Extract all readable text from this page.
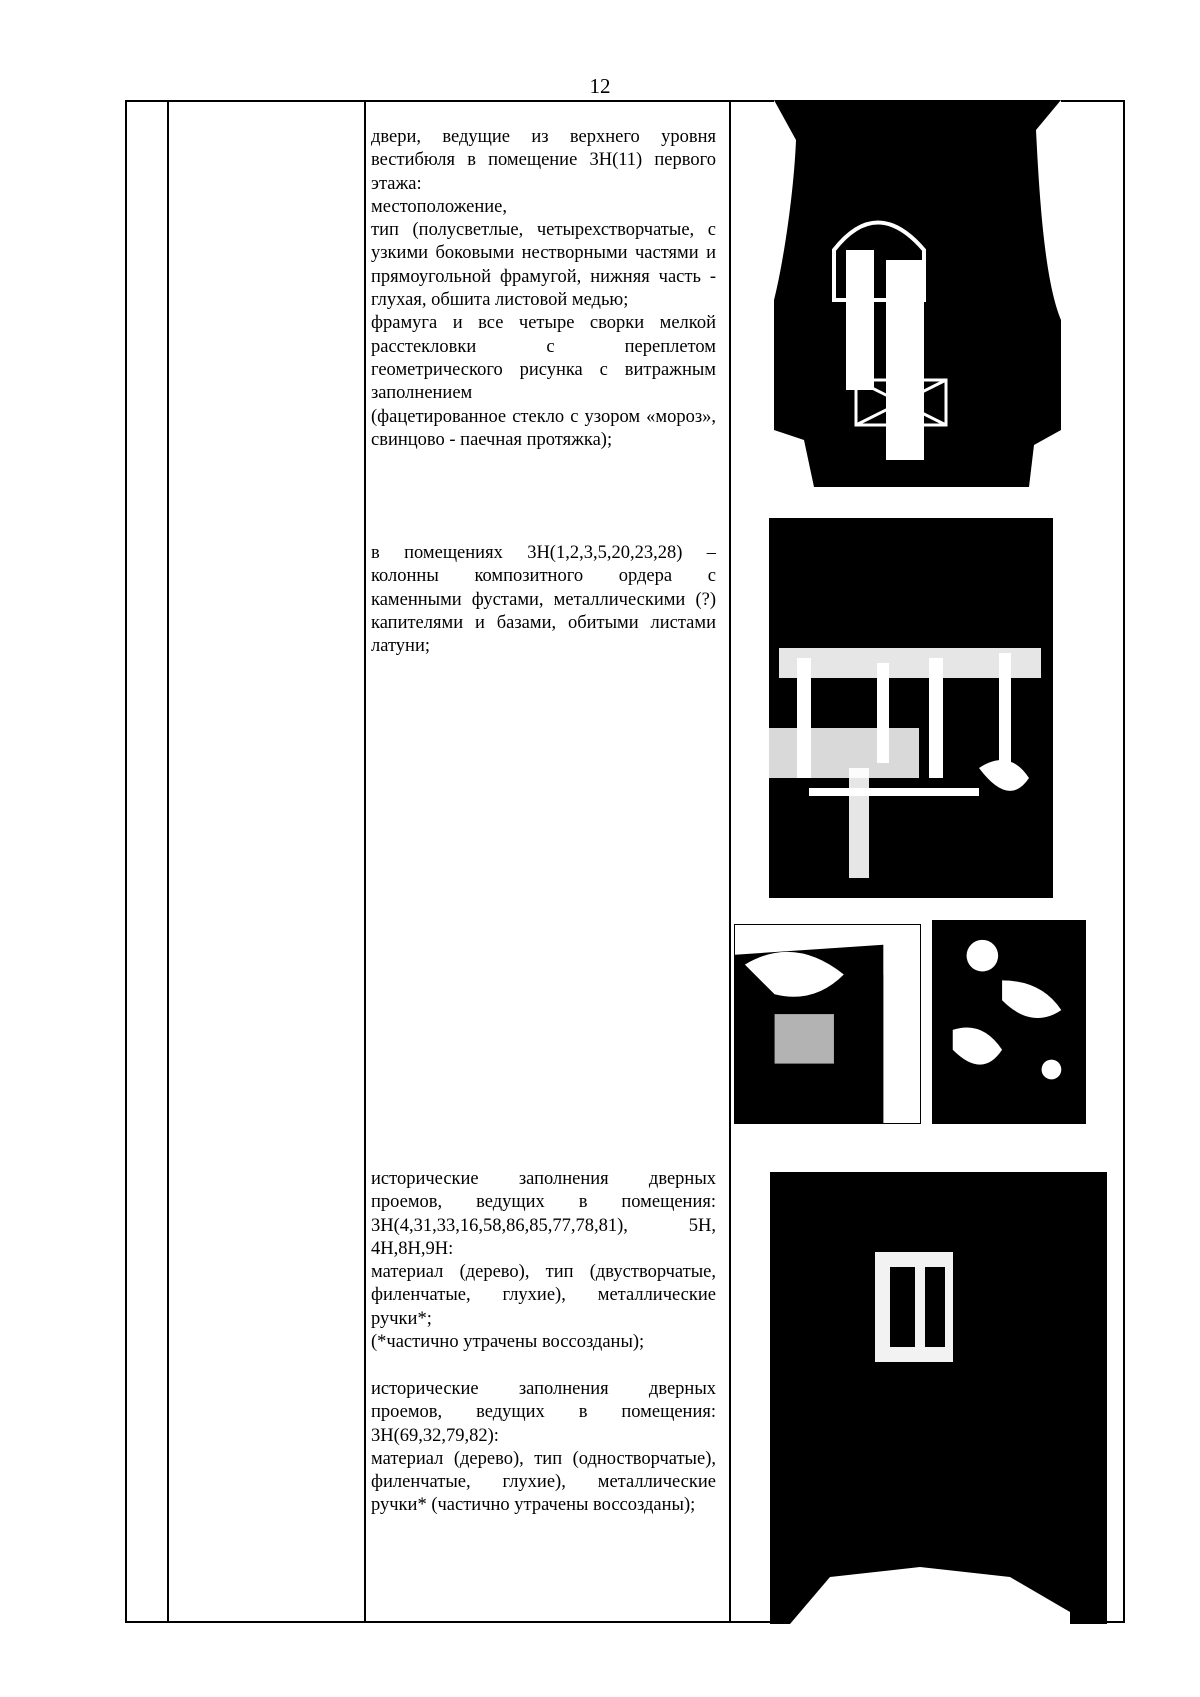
12

двери, ведущие из верхнего уровня вестибюля в помещение 3Н(11) первого этажа:

местоположение,

тип (полусветлые, четырехстворчатые, с узкими боковыми нестворными частями и прямоугольной фрамугой, нижняя часть - глухая, обшита листовой медью;

фрамуга и все четыре сворки мелкой расстекловки с переплетом геометрического рисунка с витражным заполнением

(фацетированное стекло с узором «мороз», свинцово - паечная протяжка);

в помещениях 3Н(1,2,3,5,20,23,28) – колонны композитного ордера с каменными фустами, металлическими (?) капителями и базами, обитыми листами латуни;

исторические заполнения дверных проемов, ведущих в помещения: 3Н(4,31,33,16,58,86,85,77,78,81), 5Н, 4Н,8Н,9Н:

материал (дерево), тип (двустворчатые, филенчатые, глухие), металлические ручки*;

(*частично утрачены воссозданы);

исторические заполнения дверных проемов, ведущих в помещения: 3Н(69,32,79,82):

материал (дерево), тип (одностворчатые), филенчатые, глухие), металлические ручки* (частично утрачены воссозданы);
